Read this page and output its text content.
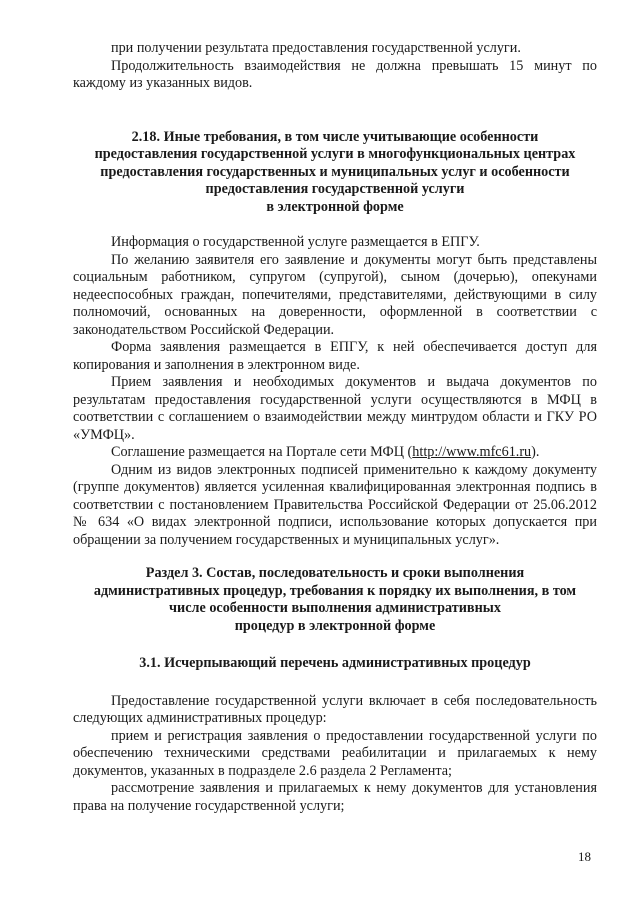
при получении результата предоставления государственной услуги.

Продолжительность взаимодействия не должна превышать 15 минут по каждому из указанных видов.

2.18. Иные требования, в том числе учитывающие особенности

предоставления государственной услуги в многофункциональных центрах

предоставления государственных и муниципальных услуг и особенности

предоставления государственной услуги

в электронной форме

Информация о государственной услуге размещается в ЕПГУ.

По желанию заявителя его заявление и документы могут быть представлены социальным работником, супругом (супругой), сыном (дочерью), опекунами недееспособных граждан, попечителями, представителями, действующими в силу полномочий, основанных на доверенности, оформленной в соответствии с законодательством Российской Федерации.

Форма заявления размещается в ЕПГУ, к ней обеспечивается доступ для копирования и заполнения в электронном виде.

Прием заявления и необходимых документов и выдача документов по результатам предоставления государственной услуги осуществляются в МФЦ в соответствии с соглашением о взаимодействии между минтрудом области и ГКУ РО «УМФЦ».

Соглашение размещается на Портале сети МФЦ (http://www.mfc61.ru).

Одним из видов электронных подписей применительно к каждому документу (группе документов) является усиленная квалифицированная электронная подпись в соответствии с постановлением Правительства Российской Федерации от 25.06.2012 № 634 «О видах электронной подписи, использование которых допускается при обращении за получением государственных и муниципальных услуг».

Раздел 3. Состав, последовательность и сроки выполнения

административных процедур, требования к порядку их выполнения, в том

числе особенности выполнения административных

процедур в электронной форме

3.1. Исчерпывающий перечень административных процедур

Предоставление государственной услуги включает в себя последовательность следующих административных процедур:

прием и регистрация заявления о предоставлении государственной услуги по обеспечению техническими средствами реабилитации и прилагаемых к нему документов, указанных в подразделе 2.6 раздела 2 Регламента;

рассмотрение заявления и прилагаемых к нему документов для установления права на получение государственной услуги;

18
